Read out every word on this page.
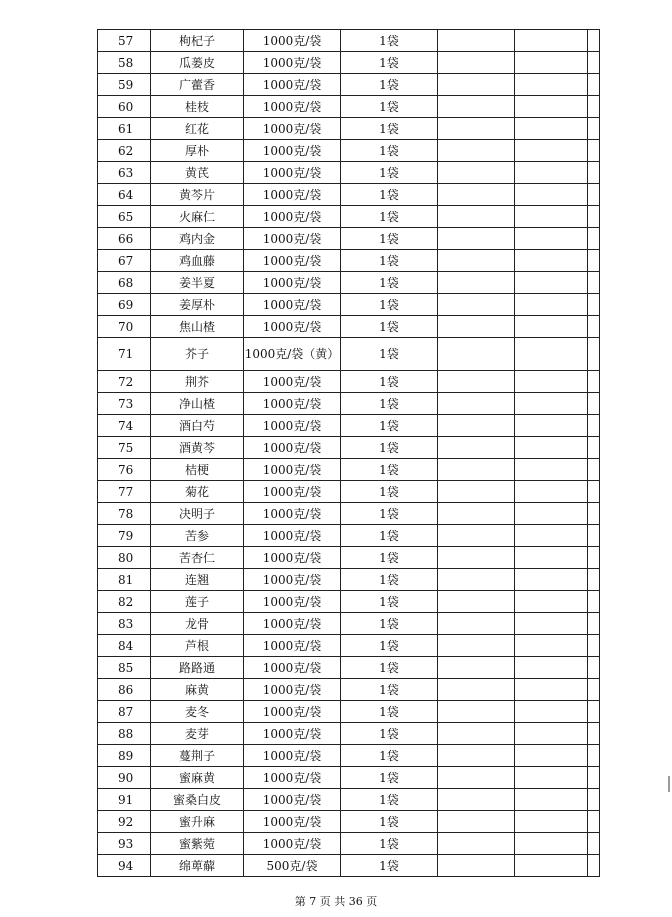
57	枸杞子	1000克/袋	1袋			
58	瓜蒌皮	1000克/袋	1袋			
59	广藿香	1000克/袋	1袋			
60	桂枝	1000克/袋	1袋			
61	红花	1000克/袋	1袋			
62	厚朴	1000克/袋	1袋			
63	黄芪	1000克/袋	1袋			
64	黄芩片	1000克/袋	1袋			
65	火麻仁	1000克/袋	1袋			
66	鸡内金	1000克/袋	1袋			
67	鸡血藤	1000克/袋	1袋			
68	姜半夏	1000克/袋	1袋			
69	姜厚朴	1000克/袋	1袋			
70	焦山楂	1000克/袋	1袋			
71	芥子	1000克/袋（黄）	1袋			
72	荆芥	1000克/袋	1袋			
73	净山楂	1000克/袋	1袋			
74	酒白芍	1000克/袋	1袋			
75	酒黄芩	1000克/袋	1袋			
76	桔梗	1000克/袋	1袋			
77	菊花	1000克/袋	1袋			
78	决明子	1000克/袋	1袋			
79	苦参	1000克/袋	1袋			
80	苦杏仁	1000克/袋	1袋			
81	连翘	1000克/袋	1袋			
82	莲子	1000克/袋	1袋			
83	龙骨	1000克/袋	1袋			
84	芦根	1000克/袋	1袋			
85	路路通	1000克/袋	1袋			
86	麻黄	1000克/袋	1袋			
87	麦冬	1000克/袋	1袋			
88	麦芽	1000克/袋	1袋			
89	蔓荆子	1000克/袋	1袋			
90	蜜麻黄	1000克/袋	1袋			
91	蜜桑白皮	1000克/袋	1袋			
92	蜜升麻	1000克/袋	1袋			
93	蜜紫菀	1000克/袋	1袋			
94	绵萆薢	500克/袋	1袋			
第 7 页 共 36 页
